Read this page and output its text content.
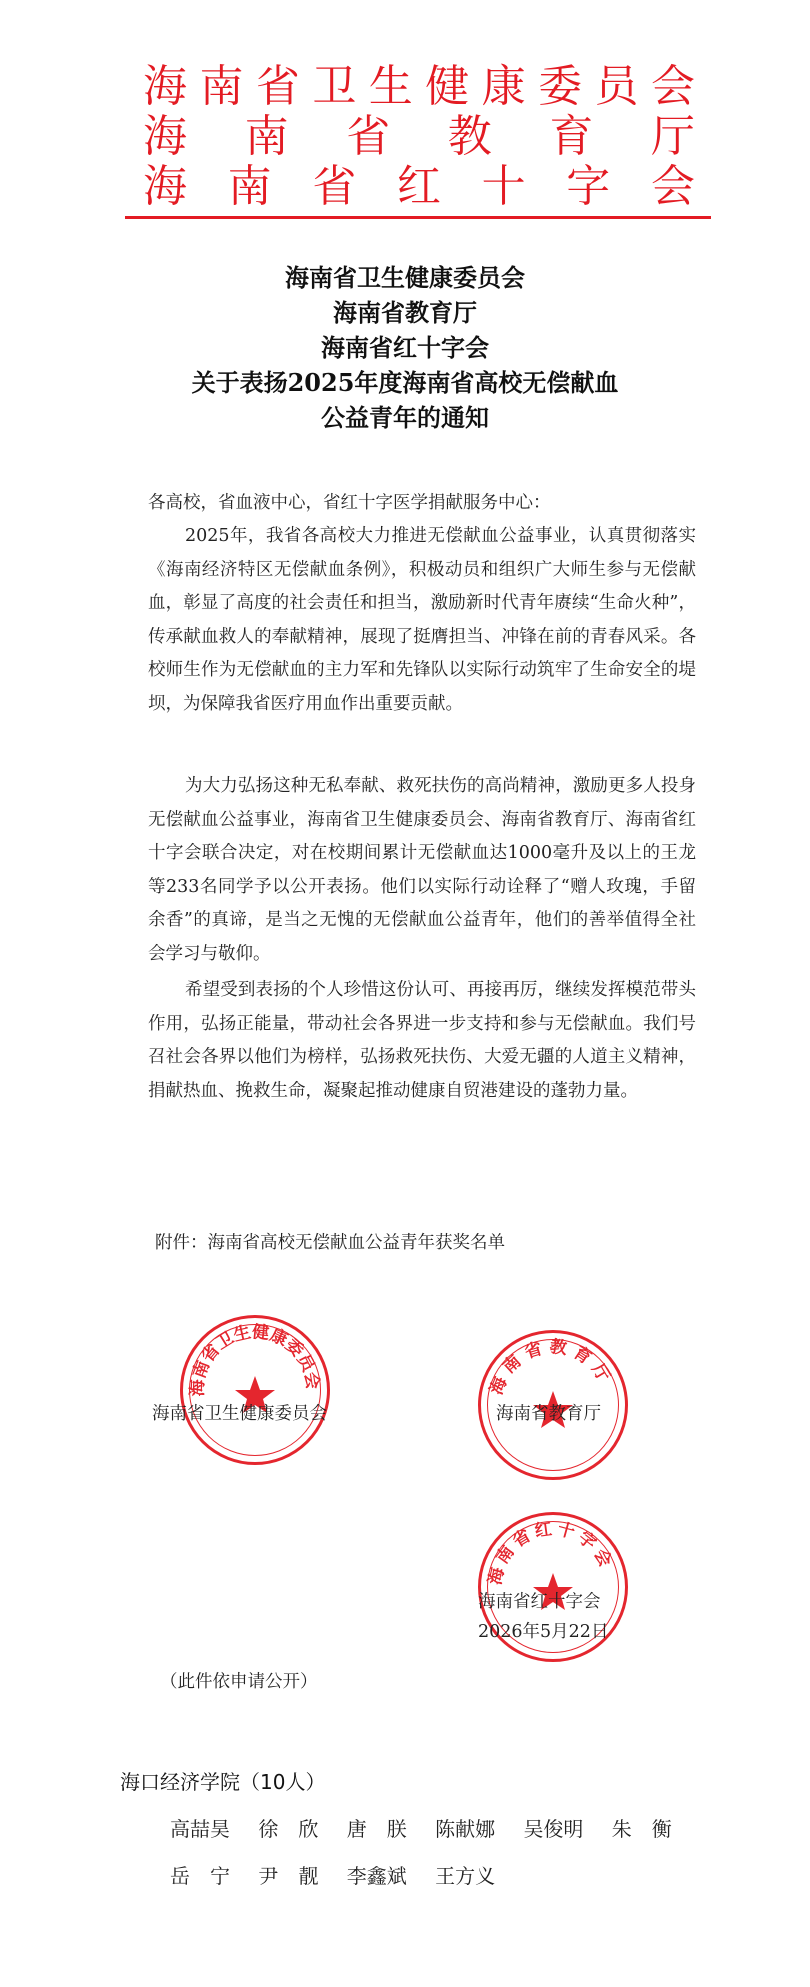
海 南 省 卫 生 健 康 委 员 会
海 南 省 教 育 厅
海 南 省 红 十 字 会
海南省卫生健康委员会
海南省教育厅
海南省红十字会
关于表扬2025年度海南省高校无偿献血
公益青年的通知
各高校，省血液中心，省红十字医学捐献服务中心：
2025年，我省各高校大力推进无偿献血公益事业，认真贯彻落实《海南经济特区无偿献血条例》，积极动员和组织广大师生参与无偿献血，彰显了高度的社会责任和担当，激励新时代青年赓续“生命火种”，传承献血救人的奉献精神，展现了挺膺担当、冲锋在前的青春风采。各校师生作为无偿献血的主力军和先锋队以实际行动筑牢了生命安全的堤坝，为保障我省医疗用血作出重要贡献。
为大力弘扬这种无私奉献、救死扶伤的高尚精神，激励更多人投身无偿献血公益事业，海南省卫生健康委员会、海南省教育厅、海南省红十字会联合决定，对在校期间累计无偿献血达1000毫升及以上的王龙等233名同学予以公开表扬。他们以实际行动诠释了“赠人玫瑰，手留余香”的真谛，是当之无愧的无偿献血公益青年，他们的善举值得全社会学习与敬仰。
希望受到表扬的个人珍惜这份认可、再接再厉，继续发挥模范带头作用，弘扬正能量，带动社会各界进一步支持和参与无偿献血。我们号召社会各界以他们为榜样，弘扬救死扶伤、大爱无疆的人道主义精神，捐献热血、挽救生命，凝聚起推动健康自贸港建设的蓬勃力量。
附件：海南省高校无偿献血公益青年获奖名单
海南省卫生健康委员会	海南省教育厅
海南省红十字会
海南省卫生健康委员会	海南省教育厅
海南省红十字会
2026年5月22日
（此件依申请公开）
海口经济学院（10人）
高喆昊 徐　欣 唐　朕 陈献娜 吴俊明 朱　衡
岳　宁 尹　靓 李鑫斌 王方义
